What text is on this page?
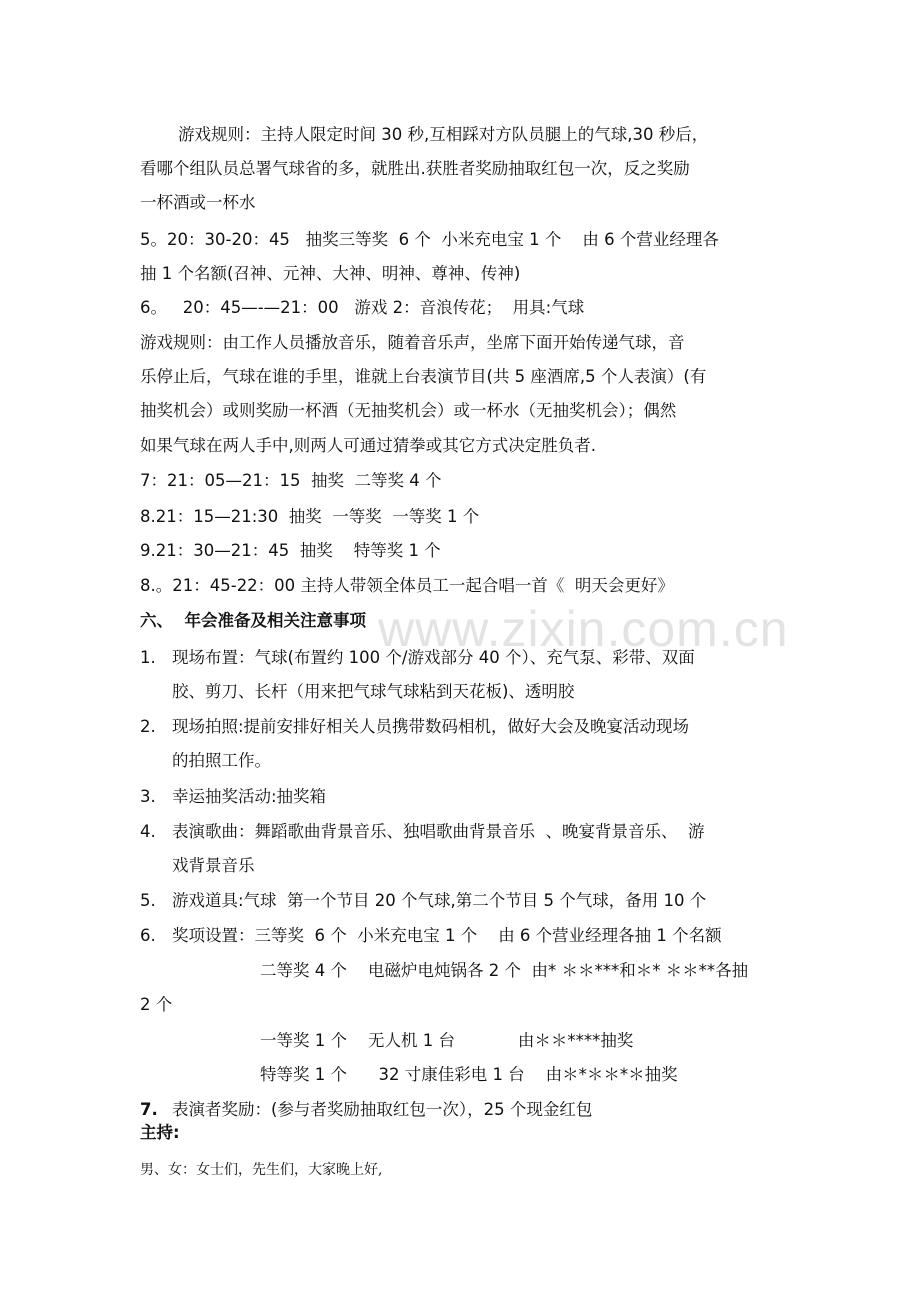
www.zixin.com.cn
游戏规则：主持人限定时间 30 秒,互相踩对方队员腿上的气球,30 秒后，
看哪个组队员总署气球省的多，就胜出.获胜者奖励抽取红包一次，反之奖励
一杯酒或一杯水
5。20：30-20：45   抽奖三等奖  6 个  小米充电宝 1 个    由 6 个营业经理各
抽 1 个名额(召神、元神、大神、明神、尊神、传神)
6。   20：45—-—21：00   游戏 2：音浪传花；  用具:气球
游戏规则：由工作人员播放音乐，随着音乐声，坐席下面开始传递气球，音
乐停止后，气球在谁的手里，谁就上台表演节目(共 5 座酒席,5 个人表演）(有
抽奖机会）或则奖励一杯酒（无抽奖机会）或一杯水（无抽奖机会）；偶然
如果气球在两人手中,则两人可通过猜拳或其它方式决定胜负者.
7：21：05—21：15  抽奖  二等奖 4 个
8.21：15—21:30  抽奖  一等奖  一等奖 1 个
9.21：30—21：45  抽奖    特等奖 1 个
8.。21：45-22：00 主持人带领全体员工一起合唱一首《  明天会更好》
六、  年会准备及相关注意事项
1. 现场布置：气球(布置约 100 个/游戏部分 40 个）、充气泵、彩带、双面
胶、剪刀、长杆（用来把气球气球粘到天花板)、透明胶
2. 现场拍照:提前安排好相关人员携带数码相机，做好大会及晚宴活动现场
的拍照工作。
3. 幸运抽奖活动:抽奖箱
4. 表演歌曲：舞蹈歌曲背景音乐、独唱歌曲背景音乐  、晚宴背景音乐、  游
戏背景音乐
5. 游戏道具:气球  第一个节目 20 个气球,第二个节目 5 个气球，备用 10 个
6. 奖项设置：三等奖  6 个  小米充电宝 1 个    由 6 个营业经理各抽 1 个名额
二等奖 4 个    电磁炉电炖锅各 2 个  由* ＊＊***和＊* ＊＊**各抽
2 个
一等奖 1 个    无人机 1 台            由＊＊****抽奖
特等奖 1 个      32 寸康佳彩电 1 台    由＊*＊＊*＊抽奖
7. 表演者奖励：(参与者奖励抽取红包一次），25 个现金红包
主持:
男、女：女士们，先生们，大家晚上好,
